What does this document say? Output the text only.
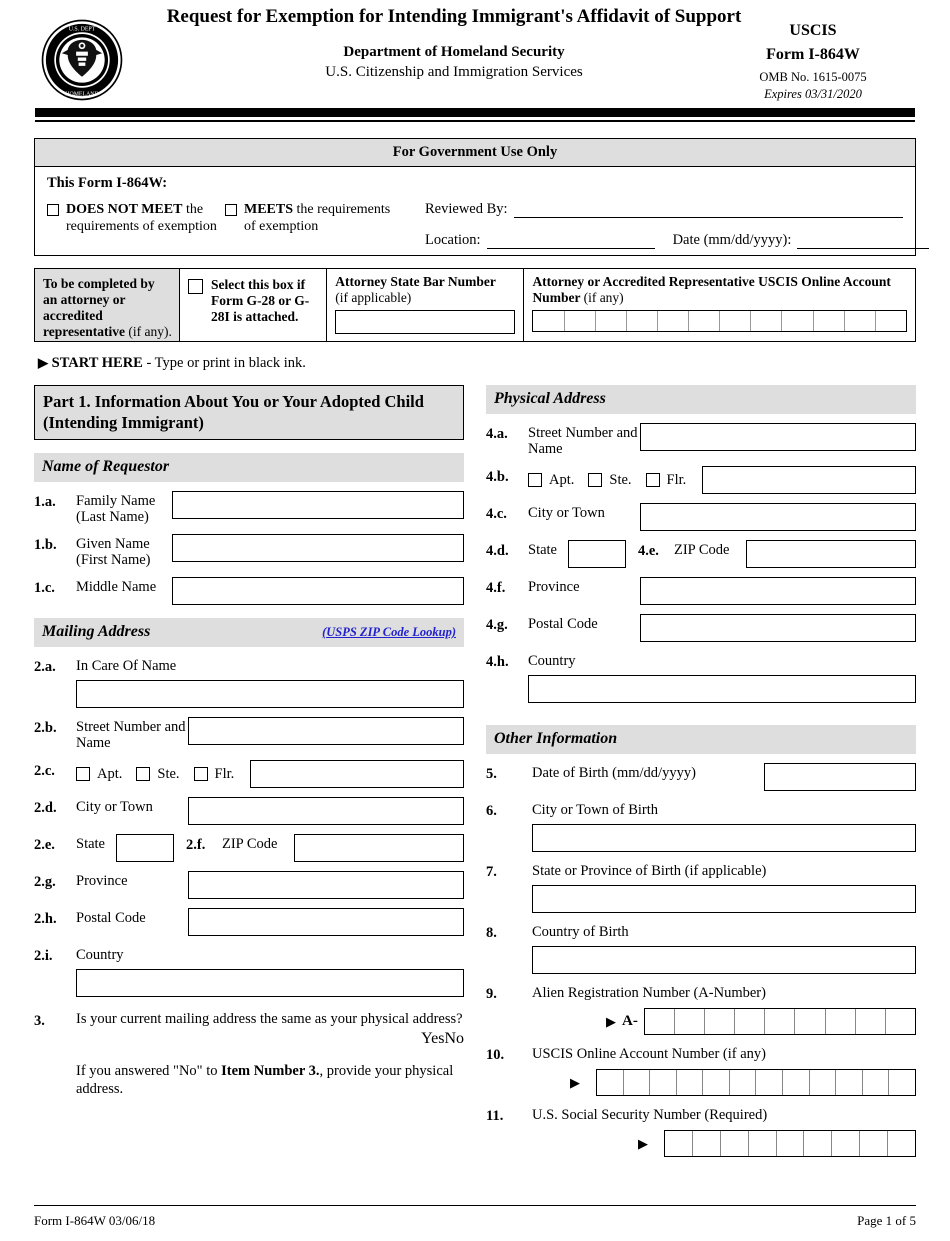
U.S. DEPT
HOMELAND
Request for Exemption for Intending Immigrant's Affidavit of Support
Department of Homeland Security
U.S. Citizenship and Immigration Services
USCIS
Form I-864W
OMB No. 1615-0075
Expires 03/31/2020
For Government Use Only
This Form I-864W:
DOES NOT MEET the requirements of exemption
MEETS the requirements of exemption
Reviewed By:
Location:	Date (mm/dd/yyyy):
To be completed by an attorney or accredited representative (if any).
Select this box if Form G-28 or G-28I is attached.
Attorney State Bar Number
(if applicable)
Attorney or Accredited Representative USCIS Online Account Number (if any)
▶ START HERE - Type or print in black ink.
Part 1. Information About You or Your Adopted Child (Intending Immigrant)
Name of Requestor
1.a.	Family Name (Last Name)
1.b.	Given Name (First Name)
1.c.	Middle Name
Mailing Address	(USPS ZIP Code Lookup)
2.a.	In Care Of Name
2.b.	Street Number and Name
2.c.	Apt. Ste. Flr.
2.d.	City or Town
2.e.	State	2.f.	ZIP Code
2.g.	Province
2.h.	Postal Code
2.i.	Country
3.	Is your current mailing address the same as your physical address?
Yes No
If you answered "No" to Item Number 3., provide your physical address.
Physical Address
4.a.	Street Number and Name
4.b.	Apt. Ste. Flr.
4.c.	City or Town
4.d.	State	4.e.	ZIP Code
4.f.	Province
4.g.	Postal Code
4.h.	Country
Other Information
5.	Date of Birth (mm/dd/yyyy)
6.	City or Town of Birth
7.	State or Province of Birth (if applicable)
8.	Country of Birth
9.	Alien Registration Number (A-Number)
▶ A-
10.	USCIS Online Account Number (if any)
▶
11.	U.S. Social Security Number (Required)
▶
Form I-864W 03/06/18	Page 1 of 5
